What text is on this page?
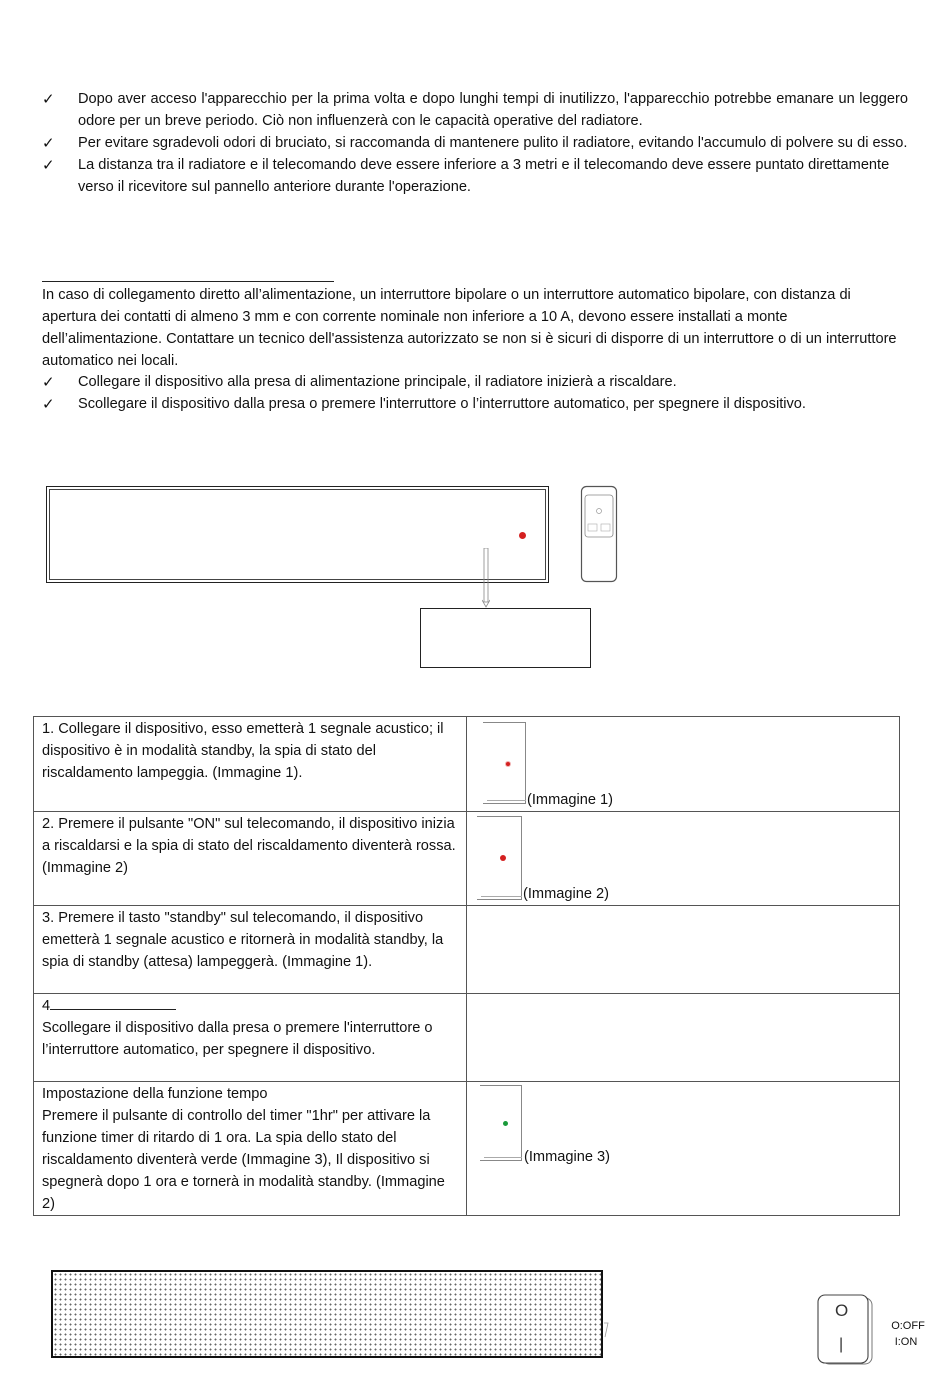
✓ Dopo aver acceso l'apparecchio per la prima volta e dopo lunghi tempi di inutilizzo, l'apparecchio potrebbe emanare un leggero odore per un breve periodo. Ciò non influenzerà con le capacità operative del radiatore.
✓ Per evitare sgradevoli odori di bruciato, si raccomanda di mantenere pulito il radiatore, evitando l'accumulo di polvere su di esso.
✓ La distanza tra il radiatore e il telecomando deve essere inferiore a 3 metri e il telecomando deve essere puntato direttamente verso il ricevitore sul pannello anteriore durante l'operazione.
In caso di collegamento diretto all’alimentazione, un interruttore bipolare o un interruttore automatico bipolare, con distanza di apertura dei contatti di almeno 3 mm e con corrente nominale non inferiore a 10 A, devono essere installati a monte dell’alimentazione. Contattare un tecnico dell'assistenza autorizzato se non si è sicuri di disporre di un interruttore o di un interruttore automatico nei locali.
✓ Collegare il dispositivo alla presa di alimentazione principale, il radiatore inizierà a riscaldare.
✓ Scollegare il dispositivo dalla presa o premere l'interruttore o l’interruttore automatico, per spegnere il dispositivo.
1. Collegare il dispositivo, esso emetterà 1 segnale acustico; il dispositivo è in modalità standby, la spia di stato del riscaldamento lampeggia. (Immagine 1).	(Immagine 1)

2. Premere il pulsante "ON" sul telecomando, il dispositivo inizia a riscaldarsi e la spia di stato del riscaldamento diventerà rossa. (Immagine 2)	(Immagine 2)

3. Premere il tasto "standby" sul telecomando, il dispositivo emetterà 1 segnale acustico e ritornerà in modalità standby, la spia di standby (attesa) lampeggerà. (Immagine 1).	

4
Scollegare il dispositivo dalla presa o premere l'interruttore o l’interruttore automatico, per spegnere il dispositivo.	

Impostazione della funzione tempo
Premere il pulsante di controllo del timer "1hr" per attivare la funzione timer di ritardo di 1 ora. La spia dello stato del riscaldamento diventerà verde (Immagine 3), Il dispositivo si spegnerà dopo 1 ora e tornerà in modalità standby. (Immagine 2)	(Immagine 3)
O
|
O:OFF
I:ON
